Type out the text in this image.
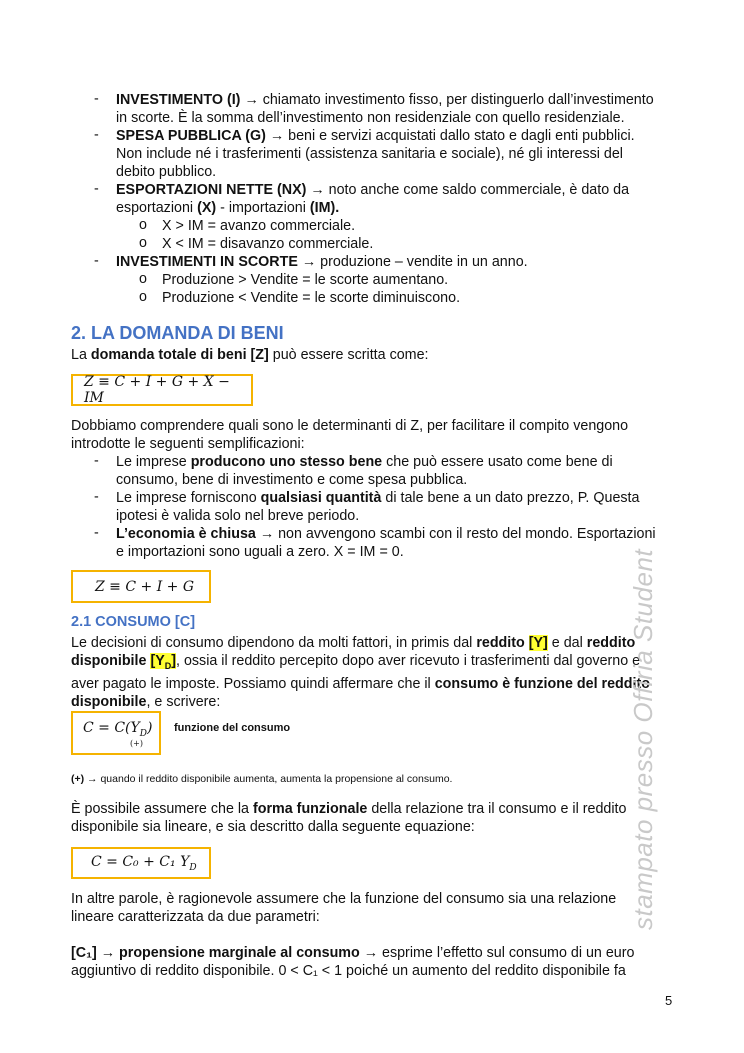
- INVESTIMENTO (I) → chiamato investimento fisso, per distinguerlo dall’investimento
in scorte. È la somma dell’investimento non residenziale con quello residenziale.
- SPESA PUBBLICA (G) → beni e servizi acquistati dallo stato e dagli enti pubblici.
Non include né i trasferimenti (assistenza sanitaria e sociale), né gli interessi del
debito pubblico.
- ESPORTAZIONI NETTE (NX) → noto anche come saldo commerciale, è dato da
esportazioni (X) - importazioni (IM).
o X > IM = avanzo commerciale.
o X < IM = disavanzo commerciale.
- INVESTIMENTI IN SCORTE → produzione – vendite in un anno.
o Produzione > Vendite = le scorte aumentano.
o Produzione < Vendite = le scorte diminuiscono.
2. LA DOMANDA DI BENI
La domanda totale di beni [Z] può essere scritta come:
Z ≡ C + I + G + X − IM
Dobbiamo comprendere quali sono le determinanti di Z, per facilitare il compito vengono
introdotte le seguenti semplificazioni:
- Le imprese producono uno stesso bene che può essere usato come bene di
consumo, bene di investimento e come spesa pubblica.
- Le imprese forniscono qualsiasi quantità di tale bene a un dato prezzo, P. Questa
ipotesi è valida solo nel breve periodo.
- L’economia è chiusa → non avvengono scambi con il resto del mondo. Esportazioni
e importazioni sono uguali a zero. X = IM = 0.
Z ≡ C + I + G
2.1 CONSUMO [C]
Le decisioni di consumo dipendono da molti fattori, in primis dal reddito [Y] e dal reddito
disponibile $[Y_D]$, ossia il reddito percepito dopo aver ricevuto i trasferimenti dal governo e
aver pagato le imposte. Possiamo quindi affermare che il consumo è funzione del reddito
disponibile, e scrivere:
$C = C(Y_D)$
(+)
funzione del consumo
(+) → quando il reddito disponibile aumenta, aumenta la propensione al consumo.
È possibile assumere che la forma funzionale della relazione tra il consumo e il reddito
disponibile sia lineare, e sia descritto dalla seguente equazione:
C = C₀ + C₁ $Y_D$
In altre parole, è ragionevole assumere che la funzione del consumo sia una relazione
lineare caratterizzata da due parametri:
[C₁] → propensione marginale al consumo → esprime l’effetto sul consumo di un euro
aggiuntivo di reddito disponibile. 0 < C₁ < 1 poiché un aumento del reddito disponibile fa
stampato presso Offiria Student
5
